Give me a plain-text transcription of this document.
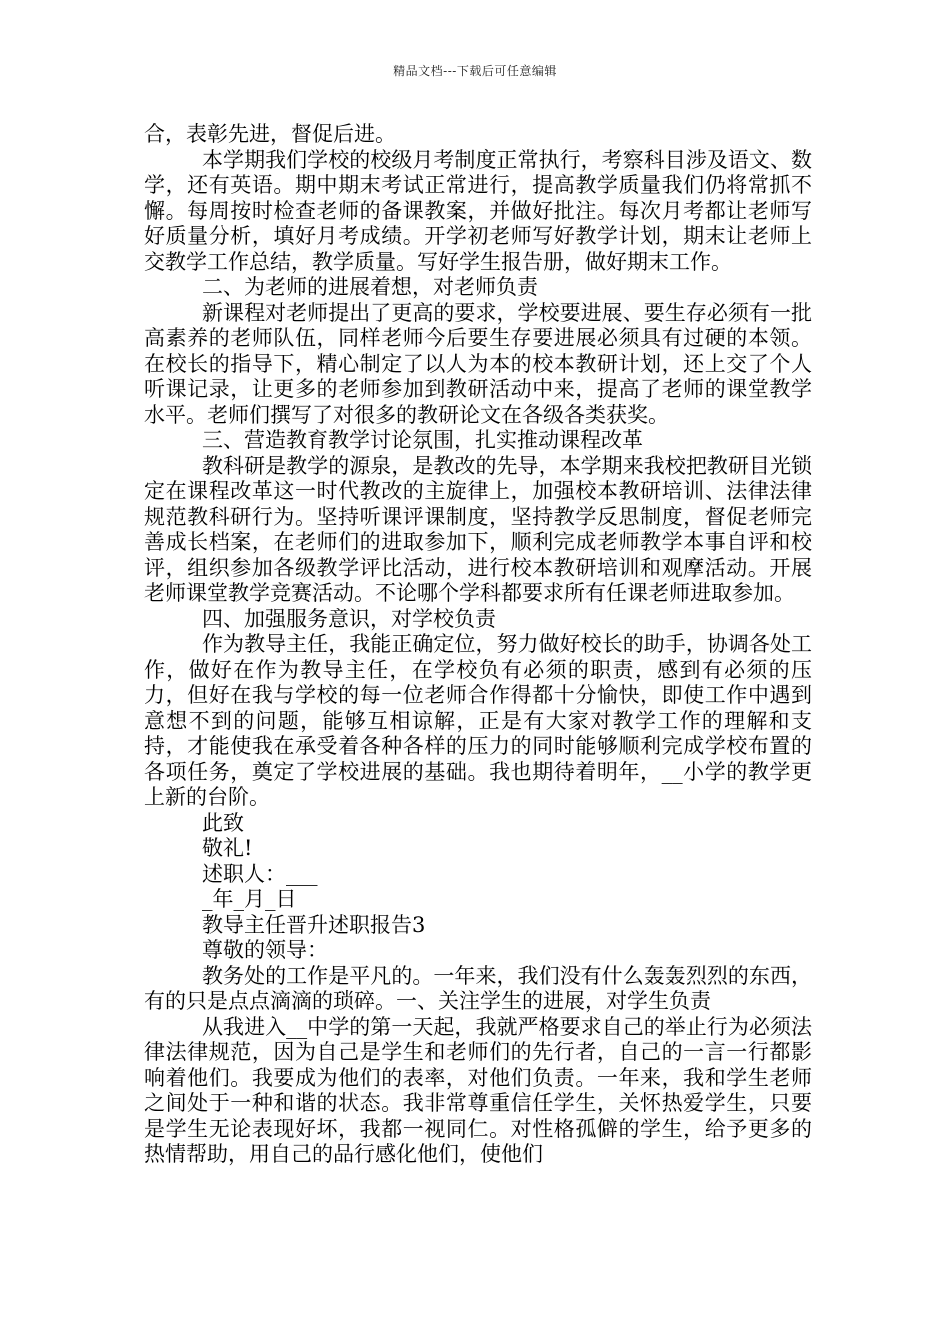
精品文档---下载后可任意编辑

合，表彰先进，督促后进。

本学期我们学校的校级月考制度正常执行，考察科目涉及语文、数学，还有英语。期中期末考试正常进行，提高教学质量我们仍将常抓不懈。每周按时检查老师的备课教案，并做好批注。每次月考都让老师写好质量分析，填好月考成绩。开学初老师写好教学计划，期末让老师上交教学工作总结，教学质量。写好学生报告册，做好期末工作。

二、为老师的进展着想，对老师负责

新课程对老师提出了更高的要求，学校要进展、要生存必须有一批高素养的老师队伍，同样老师今后要生存要进展必须具有过硬的本领。在校长的指导下，精心制定了以人为本的校本教研计划，还上交了个人听课记录，让更多的老师参加到教研活动中来，提高了老师的课堂教学水平。老师们撰写了对很多的教研论文在各级各类获奖。

三、营造教育教学讨论氛围，扎实推动课程改革

教科研是教学的源泉，是教改的先导，本学期来我校把教研目光锁定在课程改革这一时代教改的主旋律上，加强校本教研培训、法律法律规范教科研行为。坚持听课评课制度，坚持教学反思制度，督促老师完善成长档案，在老师们的进取参加下，顺利完成老师教学本事自评和校评，组织参加各级教学评比活动，进行校本教研培训和观摩活动。开展老师课堂教学竞赛活动。不论哪个学科都要求所有任课老师进取参加。

四、加强服务意识，对学校负责

作为教导主任，我能正确定位，努力做好校长的助手，协调各处工作，做好在作为教导主任，在学校负有必须的职责，感到有必须的压力，但好在我与学校的每一位老师合作得都十分愉快，即使工作中遇到意想不到的问题，能够互相谅解，正是有大家对教学工作的理解和支持，才能使我在承受着各种各样的压力的同时能够顺利完成学校布置的各项任务，奠定了学校进展的基础。我也期待着明年，__小学的教学更上新的台阶。

此致

敬礼!

述职人：___

_年_月_日

教导主任晋升述职报告3

尊敬的领导：

教务处的工作是平凡的。一年来，我们没有什么轰轰烈烈的东西，有的只是点点滴滴的琐碎。一、关注学生的进展，对学生负责

从我进入__中学的第一天起，我就严格要求自己的举止行为必须法律法律规范，因为自己是学生和老师们的先行者，自己的一言一行都影响着他们。我要成为他们的表率，对他们负责。一年来，我和学生老师之间处于一种和谐的状态。我非常尊重信任学生，关怀热爱学生，只要是学生无论表现好坏，我都一视同仁。对性格孤僻的学生，给予更多的热情帮助，用自己的品行感化他们，使他们
